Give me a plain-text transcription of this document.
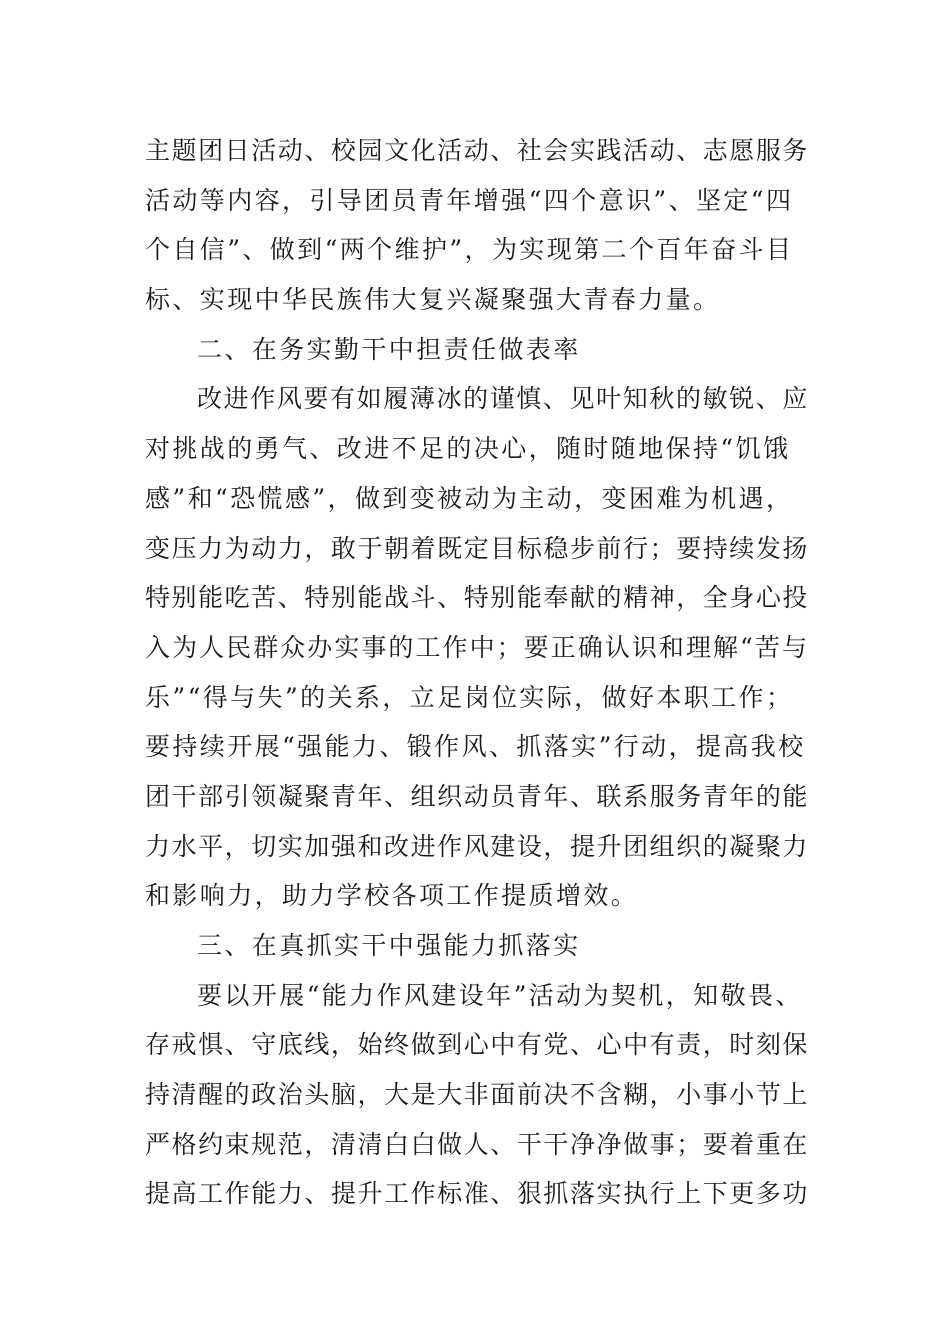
主题团日活动、校园文化活动、社会实践活动、志愿服务
活动等内容，引导团员青年增强“四个意识”、坚定“四
个自信”、做到“两个维护”，为实现第二个百年奋斗目
标、实现中华民族伟大复兴凝聚强大青春力量。
二、在务实勤干中担责任做表率
改进作风要有如履薄冰的谨慎、见叶知秋的敏锐、应
对挑战的勇气、改进不足的决心，随时随地保持“饥饿
感”和“恐慌感”，做到变被动为主动，变困难为机遇，
变压力为动力，敢于朝着既定目标稳步前行；要持续发扬
特别能吃苦、特别能战斗、特别能奉献的精神，全身心投
入为人民群众办实事的工作中；要正确认识和理解“苦与
乐”“得与失”的关系，立足岗位实际，做好本职工作；
要持续开展“强能力、锻作风、抓落实”行动，提高我校
团干部引领凝聚青年、组织动员青年、联系服务青年的能
力水平，切实加强和改进作风建设，提升团组织的凝聚力
和影响力，助力学校各项工作提质增效。
三、在真抓实干中强能力抓落实
要以开展“能力作风建设年”活动为契机，知敬畏、
存戒惧、守底线，始终做到心中有党、心中有责，时刻保
持清醒的政治头脑，大是大非面前决不含糊，小事小节上
严格约束规范，清清白白做人、干干净净做事；要着重在
提高工作能力、提升工作标准、狠抓落实执行上下更多功
